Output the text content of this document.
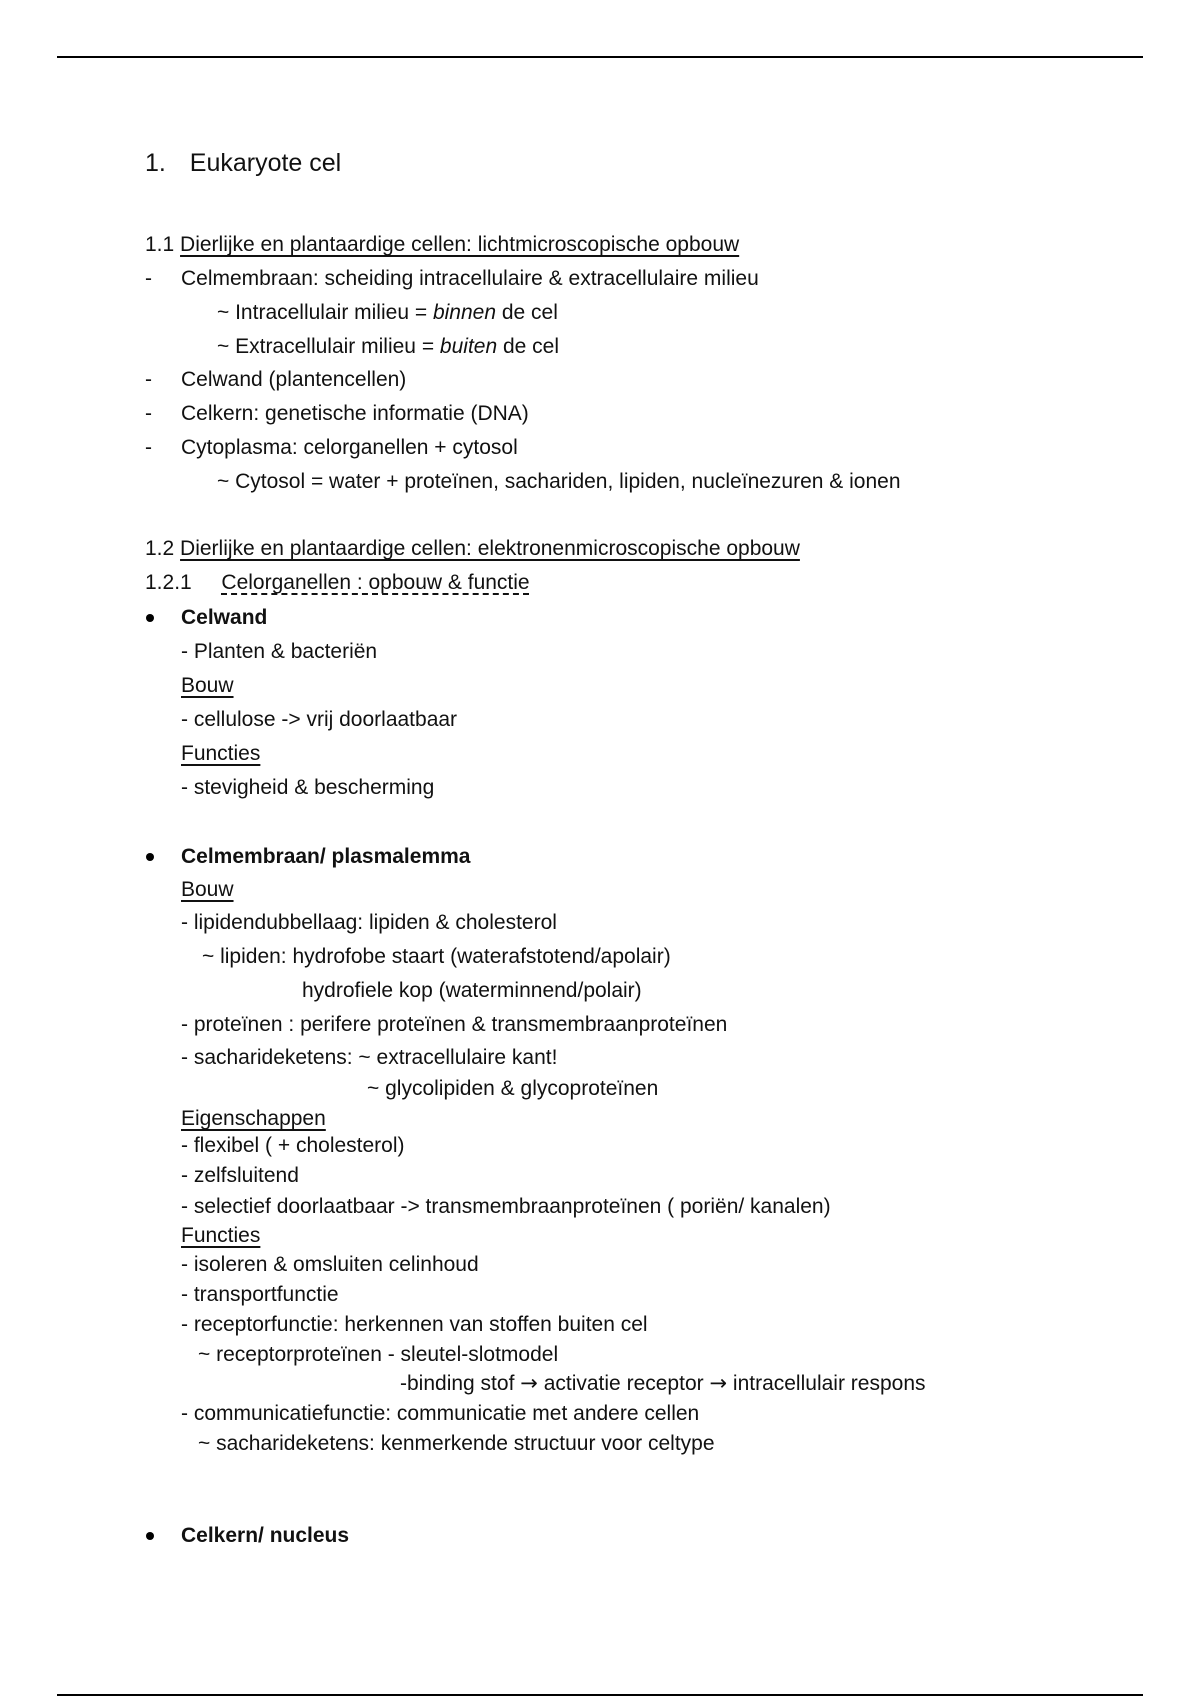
1. Eukaryote cel
1.1 Dierlijke en plantaardige cellen: lichtmicroscopische opbouw
- Celmembraan: scheiding intracellulaire & extracellulaire milieu
~ Intracellulair milieu = binnen de cel
~ Extracellulair milieu = buiten de cel
- Celwand (plantencellen)
- Celkern: genetische informatie (DNA)
- Cytoplasma: celorganellen + cytosol
~ Cytosol = water + proteïnen, sachariden, lipiden, nucleïnezuren & ionen
1.2 Dierlijke en plantaardige cellen: elektronenmicroscopische opbouw
1.2.1 Celorganellen : opbouw & functie
Celwand
- Planten & bacteriën
Bouw
- cellulose -> vrij doorlaatbaar
Functies
- stevigheid & bescherming
Celmembraan/ plasmalemma
Bouw
- lipidendubbellaag: lipiden & cholesterol
~ lipiden: hydrofobe staart (waterafstotend/apolair)
hydrofiele kop (waterminnend/polair)
- proteïnen : perifere proteïnen & transmembraanproteïnen
- sacharideketens: ~ extracellulaire kant!
~ glycolipiden & glycoproteïnen
Eigenschappen
- flexibel ( + cholesterol)
- zelfsluitend
- selectief doorlaatbaar -> transmembraanproteïnen ( poriën/ kanalen)
Functies
- isoleren & omsluiten celinhoud
- transportfunctie
- receptorfunctie: herkennen van stoffen buiten cel
~ receptorproteïnen - sleutel-slotmodel
-binding stof → activatie receptor → intracellulair respons
- communicatiefunctie: communicatie met andere cellen
~ sacharideketens: kenmerkende structuur voor celtype
Celkern/ nucleus
